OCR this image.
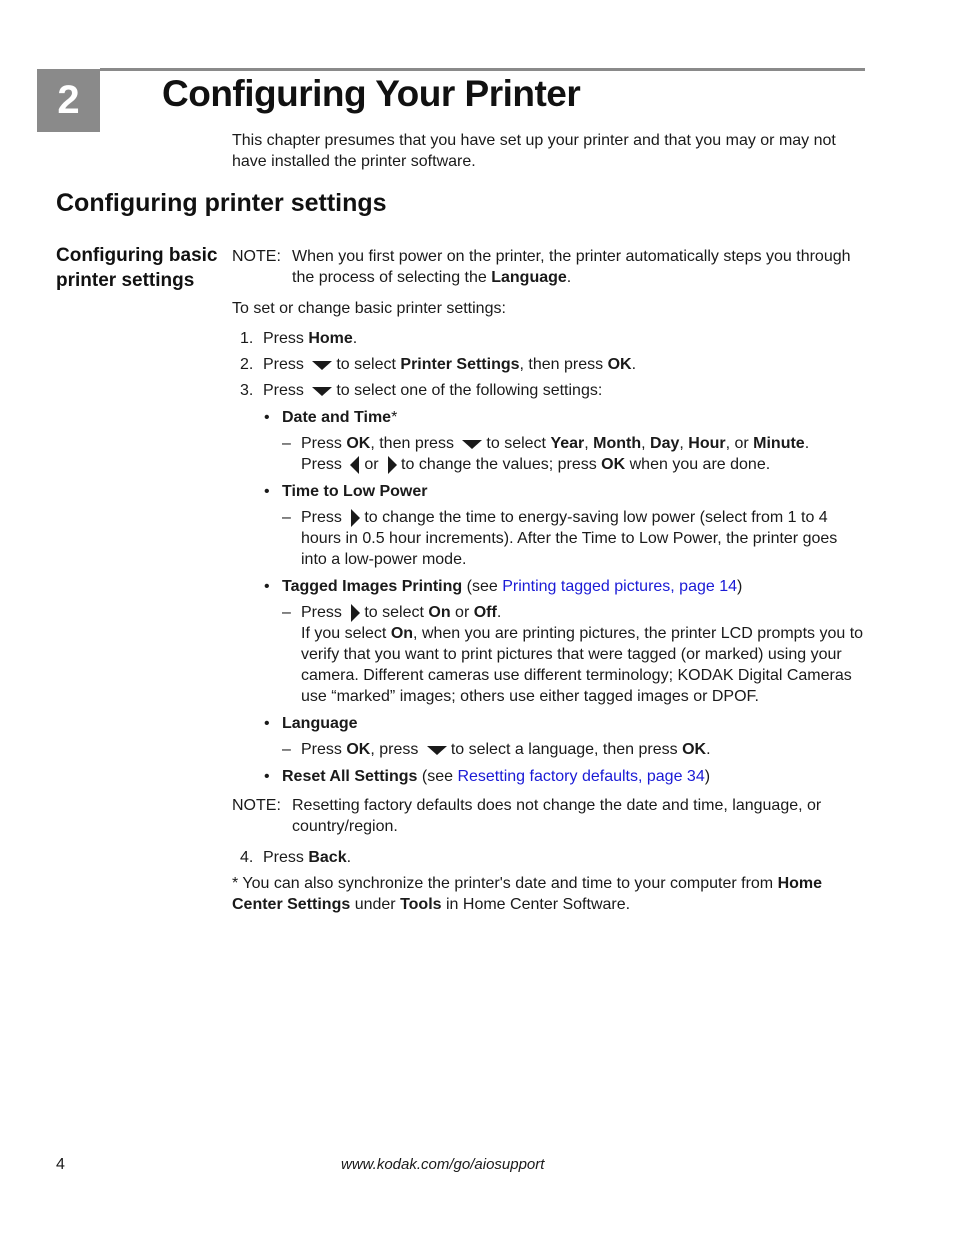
2	Configuring Your Printer

This chapter presumes that you have set up your printer and that you may or may not have installed the printer software.

Configuring printer settings
Configuring basic printer settings
NOTE: When you first power on the printer, the printer automatically steps you through the process of selecting the Language.

To set or change basic printer settings:

1. Press Home.
2. Press to select Printer Settings, then press OK.
3. Press to select one of the following settings:
• Date and Time*
– Press OK, then press to select Year, Month, Day, Hour, or Minute.
Press or to change the values; press OK when you are done.
• Time to Low Power
– Press to change the time to energy-saving low power (select from 1 to 4 hours in 0.5 hour increments). After the Time to Low Power, the printer goes into a low-power mode.
• Tagged Images Printing (see Printing tagged pictures, page 14)
– Press to select On or Off.
If you select On, when you are printing pictures, the printer LCD prompts you to verify that you want to print pictures that were tagged (or marked) using your camera. Different cameras use different terminology; KODAK Digital Cameras use “marked” images; others use either tagged images or DPOF.
• Language
– Press OK, press to select a language, then press OK.
• Reset All Settings (see Resetting factory defaults, page 34)
NOTE: Resetting factory defaults does not change the date and time, language, or country/region.
4. Press Back.

* You can also synchronize the printer's date and time to your computer from Home Center Settings under Tools in Home Center Software.

4	www.kodak.com/go/aiosupport
